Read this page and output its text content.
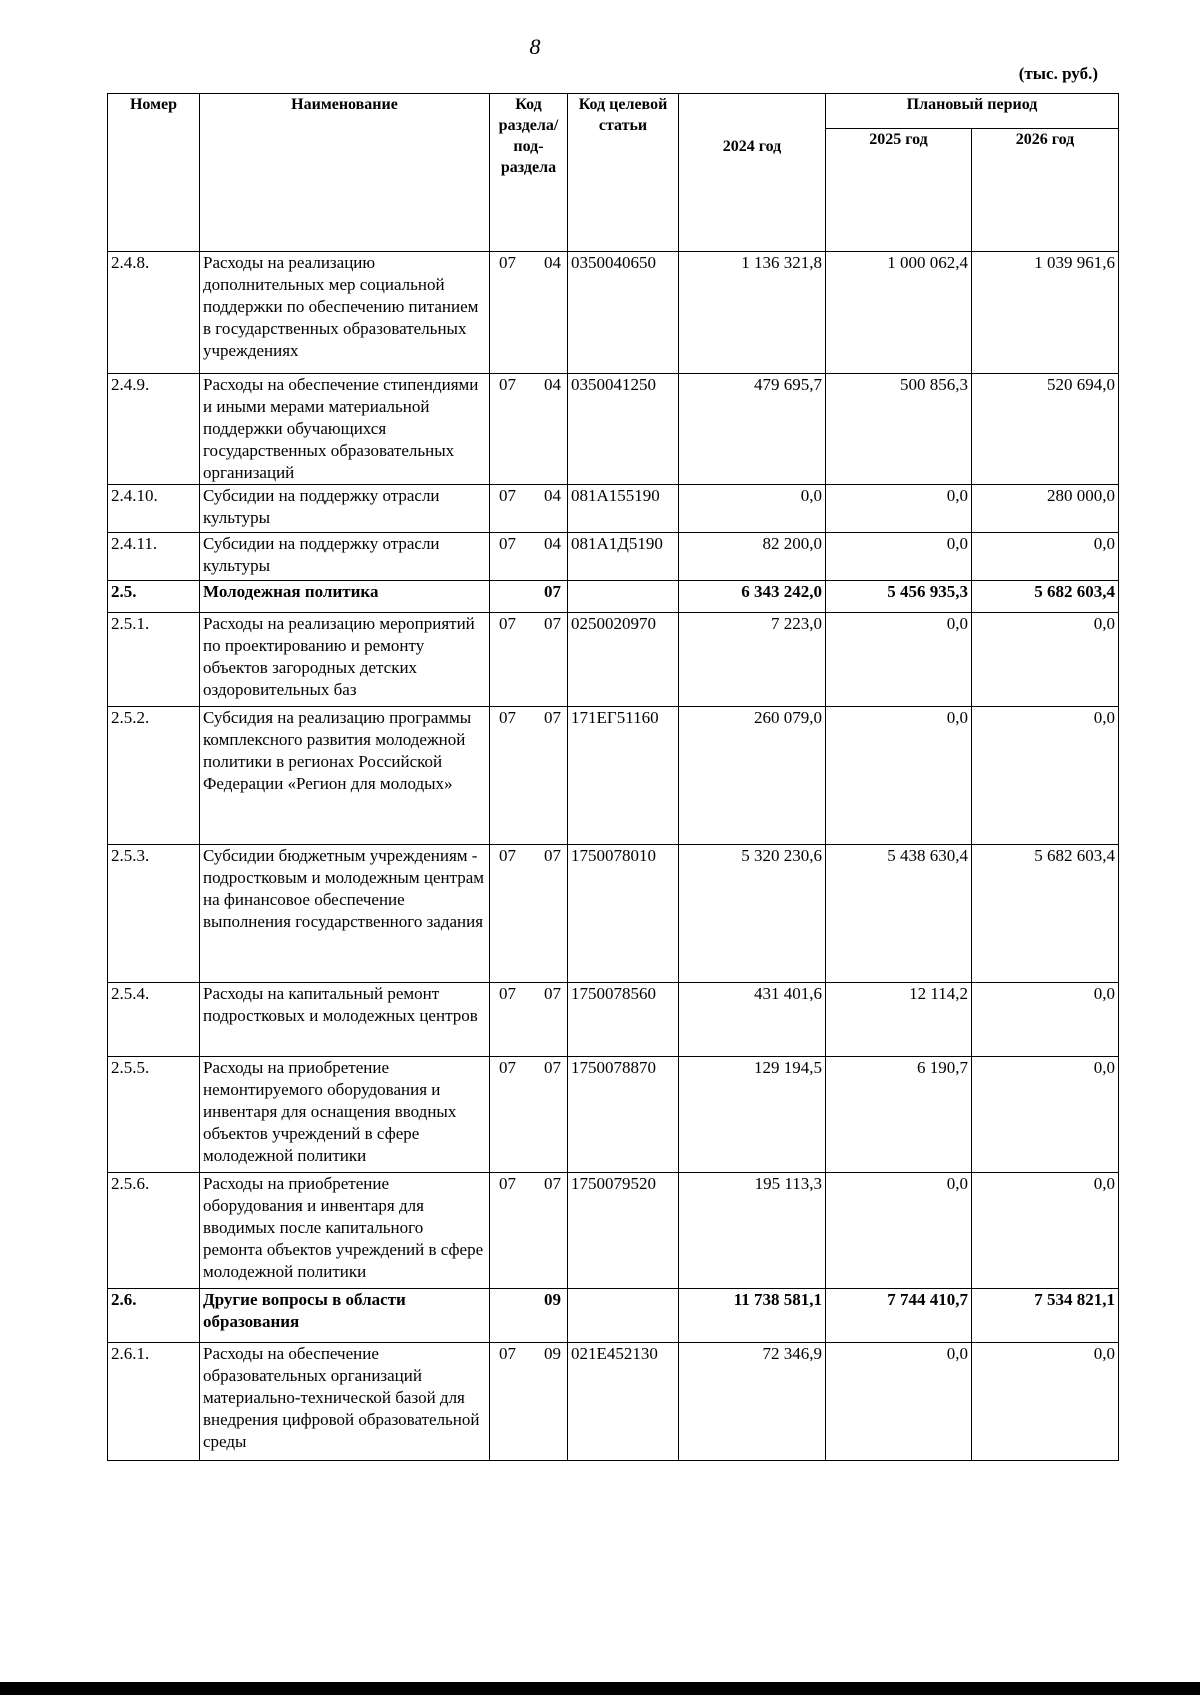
8
(тыс. руб.)
Номер	Наименование	Код раздела/ под- раздела	Код целевой статьи	2024 год	Плановый период	
					2025 год	2026 год
2.4.8.	Расходы на реализацию дополнительных мер социальной поддержки по обеспечению питанием в государственных образовательных учреждениях	07 04	0350040650	1 136 321,8	1 000 062,4	1 039 961,6
2.4.9.	Расходы на обеспечение стипендиями и иными мерами материальной поддержки обучающихся государственных образовательных организаций	07 04	0350041250	479 695,7	500 856,3	520 694,0
2.4.10.	Субсидии на поддержку отрасли культуры	07 04	081A155190	0,0	0,0	280 000,0
2.4.11.	Субсидии на поддержку отрасли культуры	07 04	081A1Д5190	82 200,0	0,0	0,0
2.5.	Молодежная политика	07		6 343 242,0	5 456 935,3	5 682 603,4
2.5.1.	Расходы на реализацию мероприятий по проектированию и ремонту объектов загородных детских оздоровительных баз	07 07	0250020970	7 223,0	0,0	0,0
2.5.2.	Субсидия на реализацию программы комплексного развития молодежной политики в регионах Российской Федерации «Регион для молодых»	07 07	171ЕГ51160	260 079,0	0,0	0,0
2.5.3.	Субсидии бюджетным учреждениям - подростковым и молодежным центрам на финансовое обеспечение выполнения государственного задания	07 07	1750078010	5 320 230,6	5 438 630,4	5 682 603,4
2.5.4.	Расходы на капитальный ремонт подростковых и молодежных центров	07 07	1750078560	431 401,6	12 114,2	0,0
2.5.5.	Расходы на приобретение немонтируемого оборудования и инвентаря для оснащения вводных объектов учреждений в сфере молодежной политики	07 07	1750078870	129 194,5	6 190,7	0,0
2.5.6.	Расходы на приобретение оборудования и инвентаря для вводимых после капитального ремонта объектов учреждений в сфере молодежной политики	07 07	1750079520	195 113,3	0,0	0,0
2.6.	Другие вопросы в области образования	09		11 738 581,1	7 744 410,7	7 534 821,1
2.6.1.	Расходы на обеспечение образовательных организаций материально-технической базой для внедрения цифровой образовательной среды	07 09	021Е452130	72 346,9	0,0	0,0
